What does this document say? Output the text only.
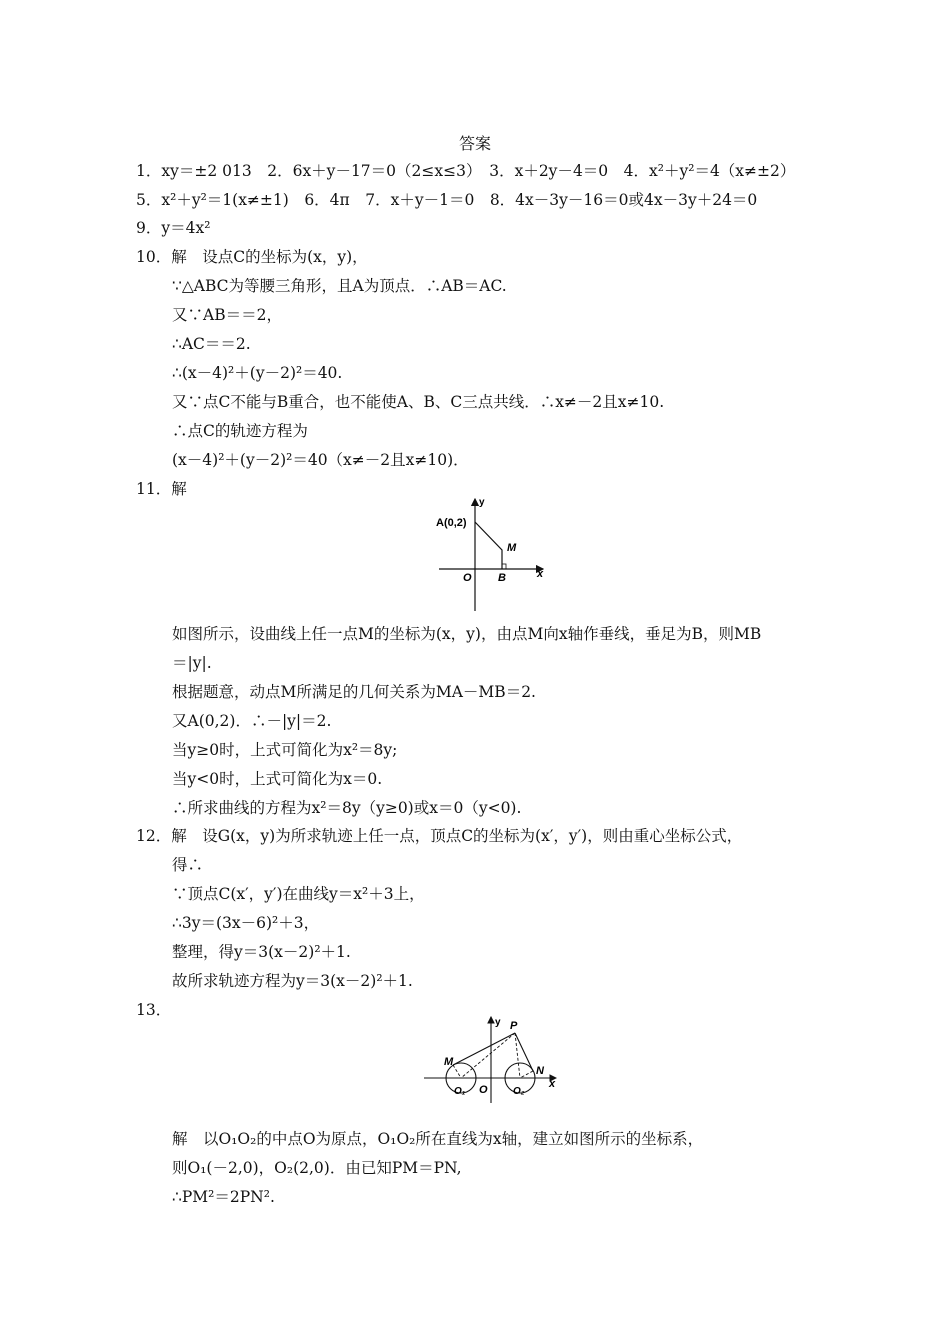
答案
1．xy＝±2 013　2．6x＋y－17＝0（2≤x≤3）　3．x＋2y－4＝0　4．x²＋y²＝4（x≠±2）
5．x²＋y²＝1(x≠±1)　6．4π　7．x＋y－1＝0　8．4x－3y－16＝0或4x－3y＋24＝0
9．y＝4x²
10．解　设点C的坐标为(x，y)，
∵△ABC为等腰三角形，且A为顶点．∴AB＝AC.
又∵AB＝＝2，
∴AC＝＝2.
∴(x－4)²＋(y－2)²＝40.
又∵点C不能与B重合，也不能使A、B、C三点共线．∴x≠－2且x≠10.
∴点C的轨迹方程为
(x－4)²＋(y－2)²＝40（x≠－2且x≠10)．
11．解
y
A(0,2)
M
O B	x
如图所示，设曲线上任一点M的坐标为(x，y)，由点M向x轴作垂线，垂足为B，则MB
＝|y|.
根据题意，动点M所满足的几何关系为MA－MB＝2.
又A(0,2)．∴－|y|＝2.
当y≥0时，上式可简化为x²＝8y;
当y<0时，上式可简化为x＝0.
∴所求曲线的方程为x²＝8y（y≥0)或x＝0（y<0).
12．解　设G(x，y)为所求轨迹上任一点，顶点C的坐标为(x′，y′)，则由重心坐标公式，
得∴
∵顶点C(x′，y′)在曲线y＝x²＋3上，
∴3y＝(3x－6)²＋3，
整理，得y＝3(x－2)²＋1.
故所求轨迹方程为y＝3(x－2)²＋1.
13．
y P
M
N
O
O₁	O₂
x
解　以O₁O₂的中点O为原点，O₁O₂所在直线为x轴，建立如图所示的坐标系，
则O₁(－2,0)，O₂(2,0)．由已知PM＝PN,
∴PM²＝2PN².
